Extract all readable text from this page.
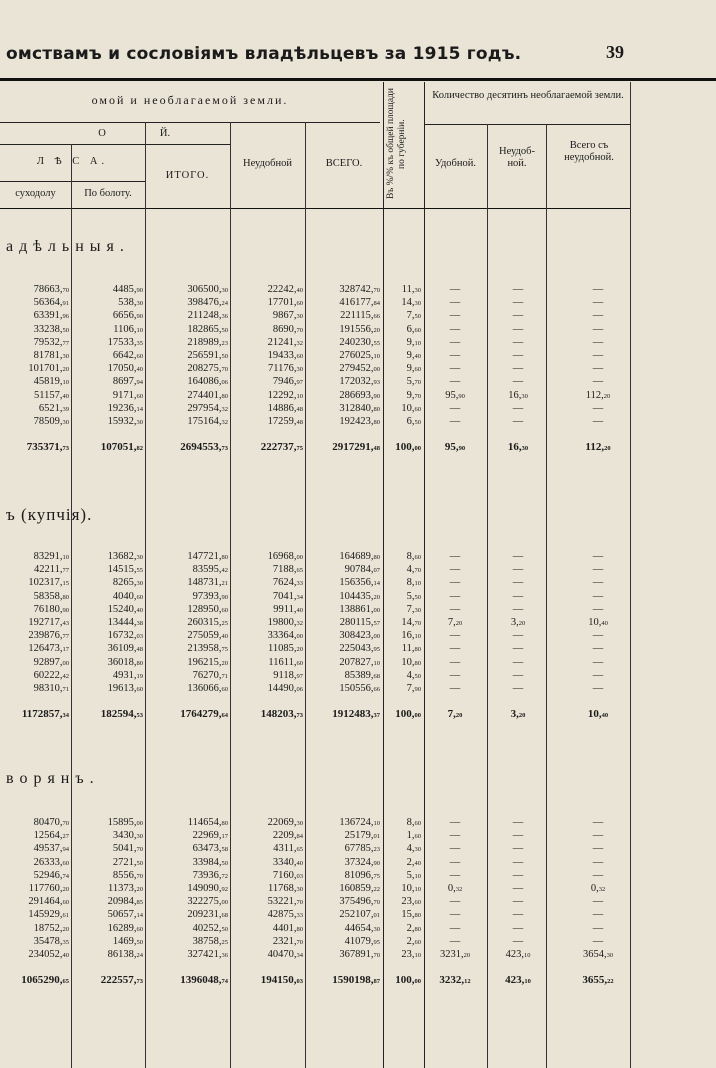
омствамъ и сословіямъ владѣльцевъ за 1915 годъ.	39
омой и необлагаемой земли.
О	Й.
Л Ѣ С А.
суходолу	По болоту.
ИТОГО.
Неудобной	ВСЕГО.	Въ %/% къ общей площади по губерніи.
Количество десятинъ необлагаемой земли.
Удобной.
Неудоб-ной.
Всего съ неудобной.
адѣльныя.
ъ (купчія).
ворянъ.
78663,70	4485,90	306500,30	22242,40	328742,70 11,30	—	—	—
56364,91	538,30	398476,24	17701,60	416177,84 14,30	—	—	—
63391,96	6656,90	211248,36	9867,30	221115,66	7,50	—	—	—
33238,50	1106,10	182865,50	8690,70	191556,20	6,60	—	—	—
79532,77	17533,35	218989,23	21241,32	240230,55	9,10	—	—	—
81781,30	6642,60	256591,50	19433,60	276025,10	9,40	—	—	—
101701,20	17050,40	208275,70	71176,30	279452,00	9,60	—	—	—
45819,10	8697,94	164086,06	7946,97	172032,93	5,70	—	—	—
51157,40	9171,60	274401,80	12292,10	286693,90	9,70	95,90	16,30	112,20
6521,39	19236,14	297954,32	14886,48	312840,80 10,60	—	—	—
78509,30	15932,30	175164,32	17259,48	192423,80	6,50	—	—	—
735371,73	107051,82	2694553,73	222737,75	2917291,48 100,00	95,90	16,30	112,20
83291,10	13682,30	147721,80	16968,00	164689,80	8,60	—	—	—
42211,77	14515,55	83595,42	7188,65	90784,07	4,70	—	—	—
102317,15	8265,30	148731,21	7624,33	156356,14	8,10	—	—	—
58358,80	4040,60	97393,90	7041,34	104435,20	5,50	—	—	—
76180,90	15240,40	128950,60	9911,40	138861,00	7,30	—	—	—
192717,43	13444,38	260315,25	19800,32	280115,57 14,70	7,20	3,20	10,40
239876,77	16732,03	275059,40	33364,00	308423,00 16,10	—	—	—
126473,17	36109,48	213958,75	11085,20	225043,95 11,80	—	—	—
92897,00	36018,80	196215,20	11611,60	207827,10 10,80	—	—	—
60222,42	4931,19	76270,71	9118,97	85389,68	4,50	—	—	—
98310,71	19613,60	136066,60	14490,06	150556,66	7,90	—	—	—
1172857,34	182594,53	1764279,64	148203,73	1912483,37 100,00	7,20	3,20	10,40
80470,70	15895,00	114654,80	22069,30	136724,10	8,60	—	—	—
12564,27	3430,30	22969,17	2209,84	25179,01	1,60	—	—	—
49537,94	5041,70	63473,58	4311,65	67785,23	4,30	—	—	—
26333,60	2721,50	33984,50	3340,40	37324,90	2,40	—	—	—
52946,74	8556,70	73936,72	7160,03	81096,75	5,10	—	—	—
117760,20	11373,20	149090,92	11768,30	160859,22 10,10	0,32	—	0,32
291464,60	20984,85	322275,00	53221,70	375496,70 23,60	—	—	—
145929,61	50657,14	209231,68	42875,33	252107,01 15,80	—	—	—
18752,20	16289,60	40252,50	4401,80	44654,30	2,80	—	—	—
35478,35	1469,50	38758,25	2321,70	41079,95	2,60	—	—	—
234052,40	86138,24	327421,36	40470,34	367891,70 23,10	3231,20	423,10	3654,30
1065290,65	222557,73	1396048,74	194150,03	1590198,87 100,00	3232,12	423,10	3655,22
